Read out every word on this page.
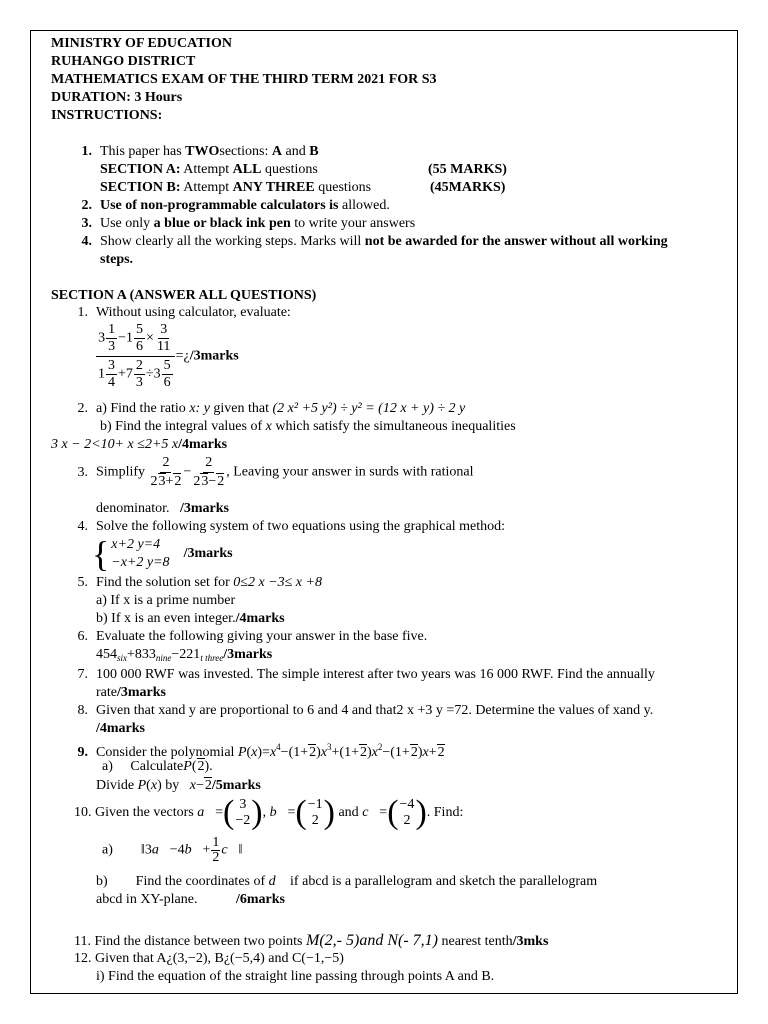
MINISTRY OF EDUCATION
RUHANGO DISTRICT
MATHEMATICS EXAM OF THE THIRD TERM 2021 FOR S3
DURATION: 3 Hours
INSTRUCTIONS:
1. This paper has TWOsections: A and B
SECTION A: Attempt ALL questions	(55 MARKS)
SECTION B: Attempt ANY THREE questions	(45MARKS)
2. Use of non-programmable calculators is allowed.
3. Use only a blue or black ink pen to write your answers
4. Show clearly all the working steps. Marks will not be awarded for the answer without all working
steps.
SECTION A (ANSWER ALL QUESTIONS)
1. Without using calculator, evaluate:
$\frac{3 \frac{1}{3} -1 \frac{5}{6} \times \frac{3}{11}}{1 \frac{3}{4} +7 \frac{2}{3} \div 3 \frac{5}{6}}$ =¿/3marks
2. a) Find the ratio x: y given that (2 x² +5 y²) ÷ y² = (12 x + y) ÷ 2 y
b) Find the integral values of x which satisfy the simultaneous inequalities
3 x − 2<10+ x ≤2+5 x/4marks
3. Simplify $\frac{2}{23+2} - \frac{2}{23-2}$ , Leaving your answer in surds with rational
denominator. /3marks
4. Solve the following system of two equations using the graphical method:
{ x+2 y=4
−x+2 y=8
/3marks
5. Find the solution set for 0≤2 x −3≤ x +8
a) If x is a prime number
b) If x is an even integer./4marks
6. Evaluate the following giving your answer in the base five.
$454_{six}+833_{nine}-221_{t three}/3marks$
7. 100 000 RWF was invested. The simple interest after two years was 16 000 RWF. Find the annually
rate/3marks
8. Given that xand y are proportional to 6 and 4 and that2 x +3 y =72. Determine the values of xand y.
/4marks
9. Consider the polynomial $P(x)=x^4-(1+2)x^3+(1+2)x^2-(1+2)x+2$
a) CalculateP(2).
Divide P(x) by   x−2/5marks
10. Given the vectors a⃗ = ( 3
−2 ) , b⃗ = ( −1
2 ) and c⃗ = ( −4
2 ) . Find:
a) ‖3a⃗−4b⃗+ $\frac{1}{2}$ c⃗‖
b) Find the coordinates of d⃗ if abcd is a parallelogram and sketch the parallelogram
abcd in XY-plane.	/6marks
11. Find the distance between two points M(2,- 5)and N(- 7,1) nearest tenth/3mks
12. Given that A¿(3,−2), B¿(−5,4) and C(−1,−5)
i) Find the equation of the straight line passing through points A and B.
